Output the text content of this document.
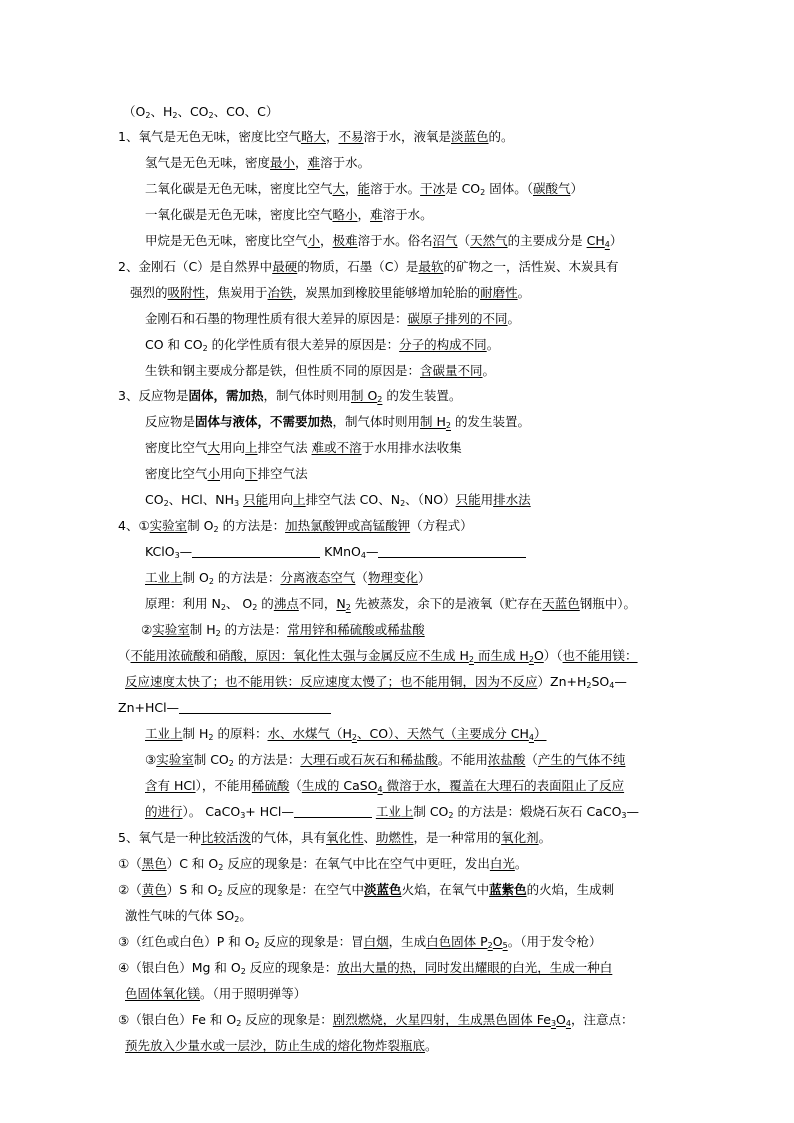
（$O_2$、$H_2$、$CO_2$、CO、C）
1、氧气是无色无味，密度比空气略大，不易溶于水，液氧是淡蓝色的。
氢气是无色无味，密度最小，难溶于水。
二氧化碳是无色无味，密度比空气大，能溶于水。干冰是 $CO_2$ 固体。（碳酸气）
一氧化碳是无色无味，密度比空气略小，难溶于水。
甲烷是无色无味，密度比空气小，极难溶于水。俗名沼气（天然气的主要成分是 $CH_4$）
2、金刚石（C）是自然界中最硬的物质，石墨（C）是最软的矿物之一，活性炭、木炭具有
强烈的吸附性，焦炭用于冶铁，炭黑加到橡胶里能够增加轮胎的耐磨性。
金刚石和石墨的物理性质有很大差异的原因是：碳原子排列的不同。
CO 和 $CO_2$ 的化学性质有很大差异的原因是：分子的构成不同。
生铁和钢主要成分都是铁，但性质不同的原因是：含碳量不同。
3、反应物是固体，需加热，制气体时则用制 $O_2$ 的发生装置。
反应物是固体与液体，不需要加热，制气体时则用制 $H_2$ 的发生装置。
密度比空气大用向上排空气法 难或不溶于水用排水法收集
密度比空气小用向下排空气法
$CO_2$、HCl、$NH_3$ 只能用向上排空气法 CO、$N_2$、（NO）只能用排水法
4、①实验室制 $O_2$ 的方法是：加热氯酸钾或高锰酸钾（方程式）
KClO$_3$—	KMnO$_4$—
工业上制 $O_2$ 的方法是：分离液态空气（物理变化）
原理：利用 $N_2$、 $O_2$ 的沸点不同，$N_2$ 先被蒸发，余下的是液氧（贮存在天蓝色钢瓶中）。
②实验室制 $H_2$ 的方法是：常用锌和稀硫酸或稀盐酸
（不能用浓硫酸和硝酸，原因：氧化性太强与金属反应不生成 $H_2$ 而生成 $H_2O$）（也不能用镁：
反应速度太快了；也不能用铁：反应速度太慢了；也不能用铜，因为不反应）$Zn+H_2SO_4—$
Zn+HCl—
工业上制 $H_2$ 的原料：水、水煤气（$H_2$、CO）、天然气（主要成分 $CH_4$）
③实验室制 $CO_2$ 的方法是：大理石或石灰石和稀盐酸。不能用浓盐酸（产生的气体不纯
含有 HCl），不能用稀硫酸（生成的 CaSO$_4$ 微溶于水，覆盖在大理石的表面阻止了反应
的进行）。 CaCO$_3$+ HCl—	工业上制 $CO_2$ 的方法是：煅烧石灰石 CaCO$_3$—
5、氧气是一种比较活泼的气体，具有氧化性、助燃性，是一种常用的氧化剂。
①（黑色）C 和 $O_2$ 反应的现象是：在氧气中比在空气中更旺，发出白光。
②（黄色）S 和 $O_2$ 反应的现象是：在空气中淡蓝色火焰，在氧气中蓝紫色的火焰，生成刺
激性气味的气体 $SO_2$。
③（红色或白色）P 和 $O_2$ 反应的现象是：冒白烟，生成白色固体 $P_2O_5$。（用于发令枪）
④（银白色）Mg 和 $O_2$ 反应的现象是：放出大量的热，同时发出耀眼的白光，生成一种白
色固体氧化镁。（用于照明弹等）
⑤（银白色）Fe 和 $O_2$ 反应的现象是：剧烈燃烧，火星四射，生成黑色固体 $Fe_3O_4$，注意点：
预先放入少量水或一层沙，防止生成的熔化物炸裂瓶底。
